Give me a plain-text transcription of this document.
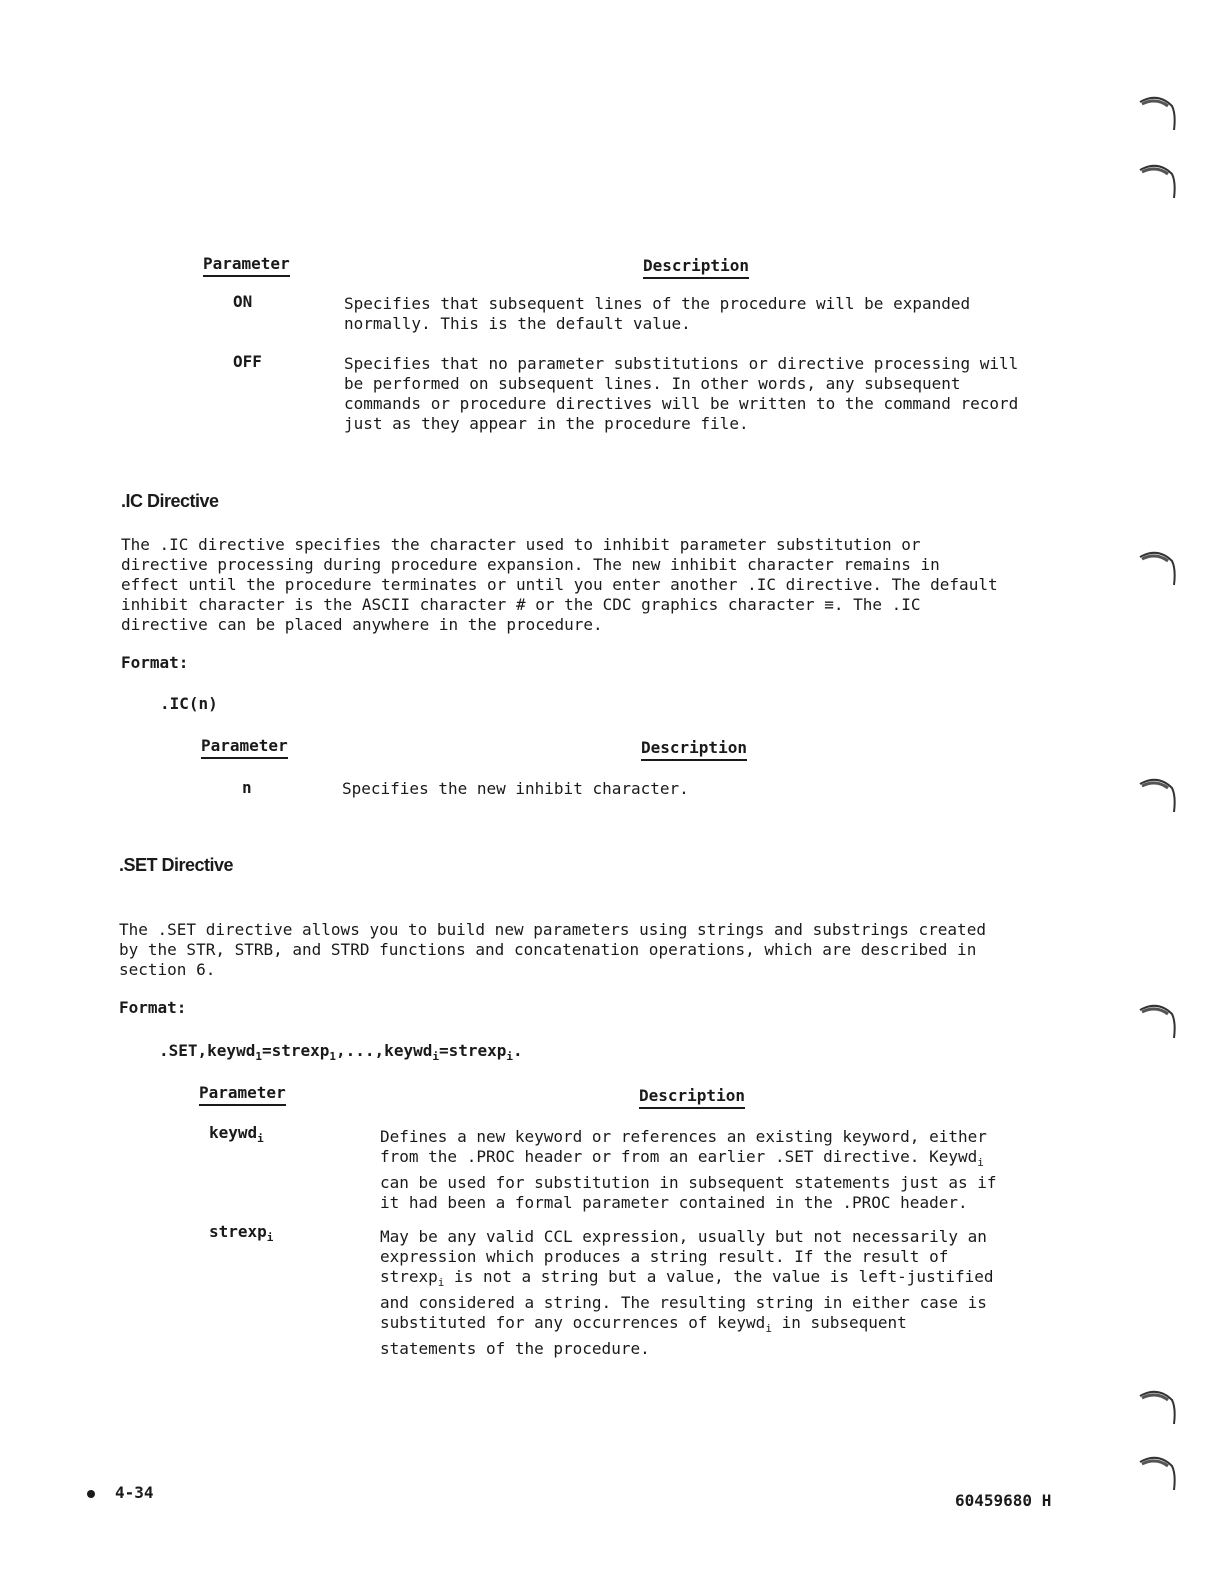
Parameter	Description
ON	Specifies that subsequent lines of the procedure will be expanded
normally. This is the default value.
OFF	Specifies that no parameter substitutions or directive processing will
be performed on subsequent lines. In other words, any subsequent
commands or procedure directives will be written to the command record
just as they appear in the procedure file.
.IC Directive
The .IC directive specifies the character used to inhibit parameter substitution or
directive processing during procedure expansion. The new inhibit character remains in
effect until the procedure terminates or until you enter another .IC directive. The default
inhibit character is the ASCII character # or the CDC graphics character ≡. The .IC
directive can be placed anywhere in the procedure.
Format:
.IC(n)
Parameter	Description
n	Specifies the new inhibit character.
.SET Directive
The .SET directive allows you to build new parameters using strings and substrings created
by the STR, STRB, and STRD functions and concatenation operations, which are described in
section 6.
Format:
.SET,keywd$_1$=strexp$_1$,...,keywd$_i$=strexp$_i$.
Parameter	Description
keywd$_i$	Defines a new keyword or references an existing keyword, either
from the .PROC header or from an earlier .SET directive. Keywd$_i$
can be used for substitution in subsequent statements just as if
it had been a formal parameter contained in the .PROC header.
strexp$_i$	May be any valid CCL expression, usually but not necessarily an
expression which produces a string result. If the result of
strexp$_i$ is not a string but a value, the value is left-justified
and considered a string. The resulting string in either case is
substituted for any occurrences of keywd$_i$ in subsequent
statements of the procedure.
4-34	60459680 H
